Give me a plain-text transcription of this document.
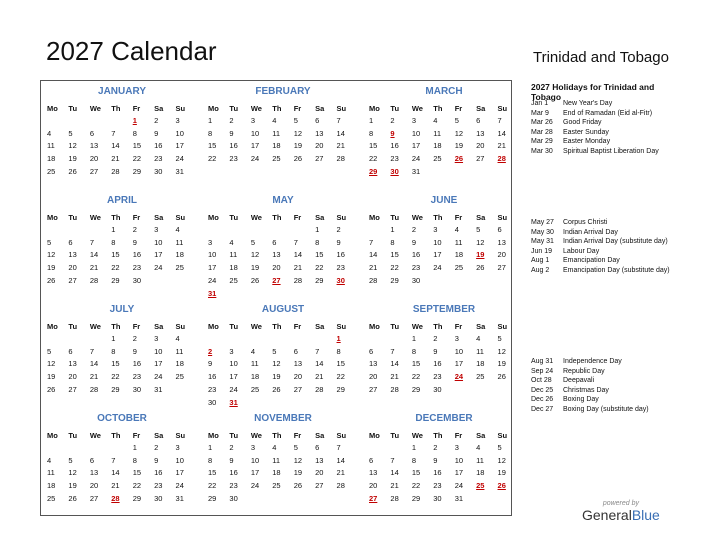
2027 Calendar	Trinidad and Tobago
JANUARY
Mo	Tu	We	Th	Fr	Sa	Su
				1	2	3
4	5	6	7	8	9	10
11	12	13	14	15	16	17
18	19	20	21	22	23	24
25	26	27	28	29	30	31
FEBRUARY
Mo	Tu	We	Th	Fr	Sa	Su
1	2	3	4	5	6	7
8	9	10	11	12	13	14
15	16	17	18	19	20	21
22	23	24	25	26	27	28
MARCH
Mo	Tu	We	Th	Fr	Sa	Su
1	2	3	4	5	6	7
8	9	10	11	12	13	14
15	16	17	18	19	20	21
22	23	24	25	26	27	28
29	30	31				
APRIL
Mo	Tu	We	Th	Fr	Sa	Su
			1	2	3	4
5	6	7	8	9	10	11
12	13	14	15	16	17	18
19	20	21	22	23	24	25
26	27	28	29	30		
MAY
Mo	Tu	We	Th	Fr	Sa	Su
					1	2
3	4	5	6	7	8	9
10	11	12	13	14	15	16
17	18	19	20	21	22	23
24	25	26	27	28	29	30
31						
JUNE
Mo	Tu	We	Th	Fr	Sa	Su
	1	2	3	4	5	6
7	8	9	10	11	12	13
14	15	16	17	18	19	20
21	22	23	24	25	26	27
28	29	30				
JULY
Mo	Tu	We	Th	Fr	Sa	Su
			1	2	3	4
5	6	7	8	9	10	11
12	13	14	15	16	17	18
19	20	21	22	23	24	25
26	27	28	29	30	31	
AUGUST
Mo	Tu	We	Th	Fr	Sa	Su
						1
2	3	4	5	6	7	8
9	10	11	12	13	14	15
16	17	18	19	20	21	22
23	24	25	26	27	28	29
30	31					
SEPTEMBER
Mo	Tu	We	Th	Fr	Sa	Su
		1	2	3	4	5
6	7	8	9	10	11	12
13	14	15	16	17	18	19
20	21	22	23	24	25	26
27	28	29	30			
OCTOBER
Mo	Tu	We	Th	Fr	Sa	Su
				1	2	3
4	5	6	7	8	9	10
11	12	13	14	15	16	17
18	19	20	21	22	23	24
25	26	27	28	29	30	31
NOVEMBER
Mo	Tu	We	Th	Fr	Sa	Su
1	2	3	4	5	6	7
8	9	10	11	12	13	14
15	16	17	18	19	20	21
22	23	24	25	26	27	28
29	30					
DECEMBER
Mo	Tu	We	Th	Fr	Sa	Su
		1	2	3	4	5
6	7	8	9	10	11	12
13	14	15	16	17	18	19
20	21	22	23	24	25	26
27	28	29	30	31		
2027 Holidays for Trinidad and Tobago
Jan 1	New Year's Day
Mar 9	End of Ramadan (Eid al-Fitr)
Mar 26	Good Friday
Mar 28	Easter Sunday
Mar 29	Easter Monday
Mar 30	Spiritual Baptist Liberation Day
May 27	Corpus Christi
May 30	Indian Arrival Day
May 31	Indian Arrival Day (substitute day)
Jun 19	Labour Day
Aug 1	Emancipation Day
Aug 2	Emancipation Day (substitute day)
Aug 31	Independence Day
Sep 24	Republic Day
Oct 28	Deepavali
Dec 25	Christmas Day
Dec 26	Boxing Day
Dec 27	Boxing Day (substitute day)
powered by
GeneralBlue
